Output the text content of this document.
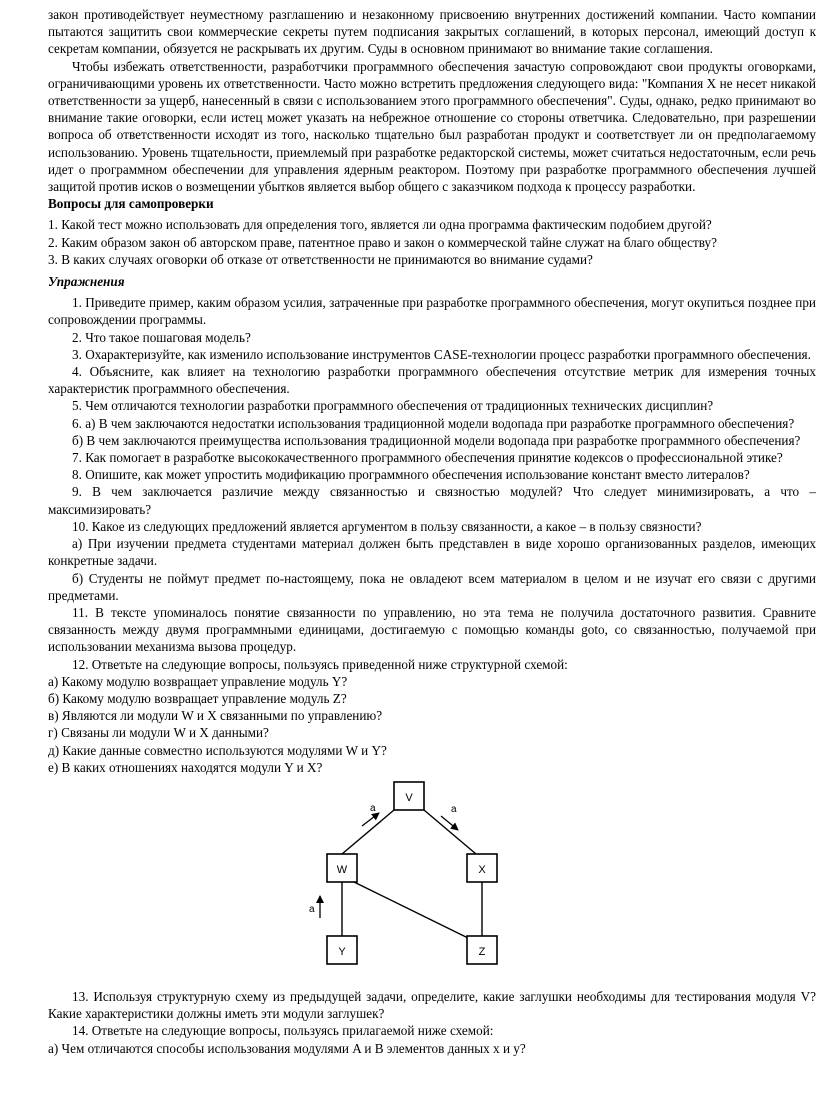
закон противодействует неуместному разглашению и незаконному присвоению внутренних достижений компании. Часто компании пытаются защитить свои коммерческие секреты путем подписания закрытых соглашений, в которых персонал, имеющий доступ к секретам компании, обязуется не раскрывать их другим. Суды в основном принимают во внимание такие соглашения.

Чтобы избежать ответственности, разработчики программного обеспечения зачастую сопровождают свои продукты оговорками, ограничивающими уровень их ответственности. Часто можно встретить предложения следующего вида: "Компания X не несет никакой ответственности за ущерб, нанесенный в связи с использованием этого программного обеспечения". Суды, однако, редко принимают во внимание такие оговорки, если истец может указать на небрежное отношение со стороны ответчика. Следовательно, при разрешении вопроса об ответственности исходят из того, насколько тщательно был разработан продукт и соответствует ли он предполагаемому использованию. Уровень тщательности, приемлемый при разработке редакторской системы, может считаться недостаточным, если речь идет о программном обеспечении для управления ядерным реактором. Поэтому при разработке программного обеспечения лучшей защитой против исков о возмещении убытков является выбор общего с заказчиком подхода к процессу разработки.

Вопросы для самопроверки

1. Какой тест можно использовать для определения того, является ли одна программа фактическим подобием другой?

2. Каким образом закон об авторском праве, патентное право и закон о коммерческой тайне служат на благо обществу?

3. В каких случаях оговорки об отказе от ответственности не принимаются во внимание судами?

Упражнения

1. Приведите пример, каким образом усилия, затраченные при разработке программного обеспечения, могут окупиться позднее при сопровождении программы.

2. Что такое пошаговая модель?

3. Охарактеризуйте, как изменило использование инструментов CASE-технологии процесс разработки программного обеспечения.

4. Объясните, как влияет на технологию разработки программного обеспечения отсутствие метрик для измерения точных характеристик программного обеспечения.

5. Чем отличаются технологии разработки программного обеспечения от традиционных технических дисциплин?

6. а) В чем заключаются недостатки использования традиционной модели водопада при разработке программного обеспечения?

б) В чем заключаются преимущества использования традиционной модели водопада при разработке программного обеспечения?

7. Как помогает в разработке высококачественного программного обеспечения принятие кодексов о профессиональной этике?

8. Опишите, как может упростить модификацию программного обеспечения использование констант вместо литералов?

9. В чем заключается различие между связанностью и связностью модулей? Что следует минимизировать, а что – максимизировать?

10. Какое из следующих предложений является аргументом в пользу связанности, а какое – в пользу связности?

а) При изучении предмета студентами материал должен быть представлен в виде хорошо организованных разделов, имеющих конкретные задачи.

б) Студенты не поймут предмет по-настоящему, пока не овладеют всем материалом в целом и не изучат его связи с другими предметами.

11. В тексте упоминалось понятие связанности по управлению, но эта тема не получила достаточного развития. Сравните связанность между двумя программными единицами, достигаемую с помощью команды goto, со связанностью, получаемой при использовании механизма вызова процедур.

12. Ответьте на следующие вопросы, пользуясь приведенной ниже структурной схемой:

а) Какому модулю возвращает управление модуль Y?

б) Какому модулю возвращает управление модуль Z?

в) Являются ли модули W и X связанными по управлению?

г) Связаны ли модули W и X данными?

д) Какие данные совместно используются модулями W и Y?

е) В каких отношениях находятся модули Y и X?

a	a
a
V
W	X
Y	Z

13. Используя структурную схему из предыдущей задачи, определите, какие заглушки необходимы для тестирования модуля V? Какие характеристики должны иметь эти модули заглушек?

14. Ответьте на следующие вопросы, пользуясь прилагаемой ниже схемой:

а) Чем отличаются способы использования модулями A и B элементов данных x и y?
